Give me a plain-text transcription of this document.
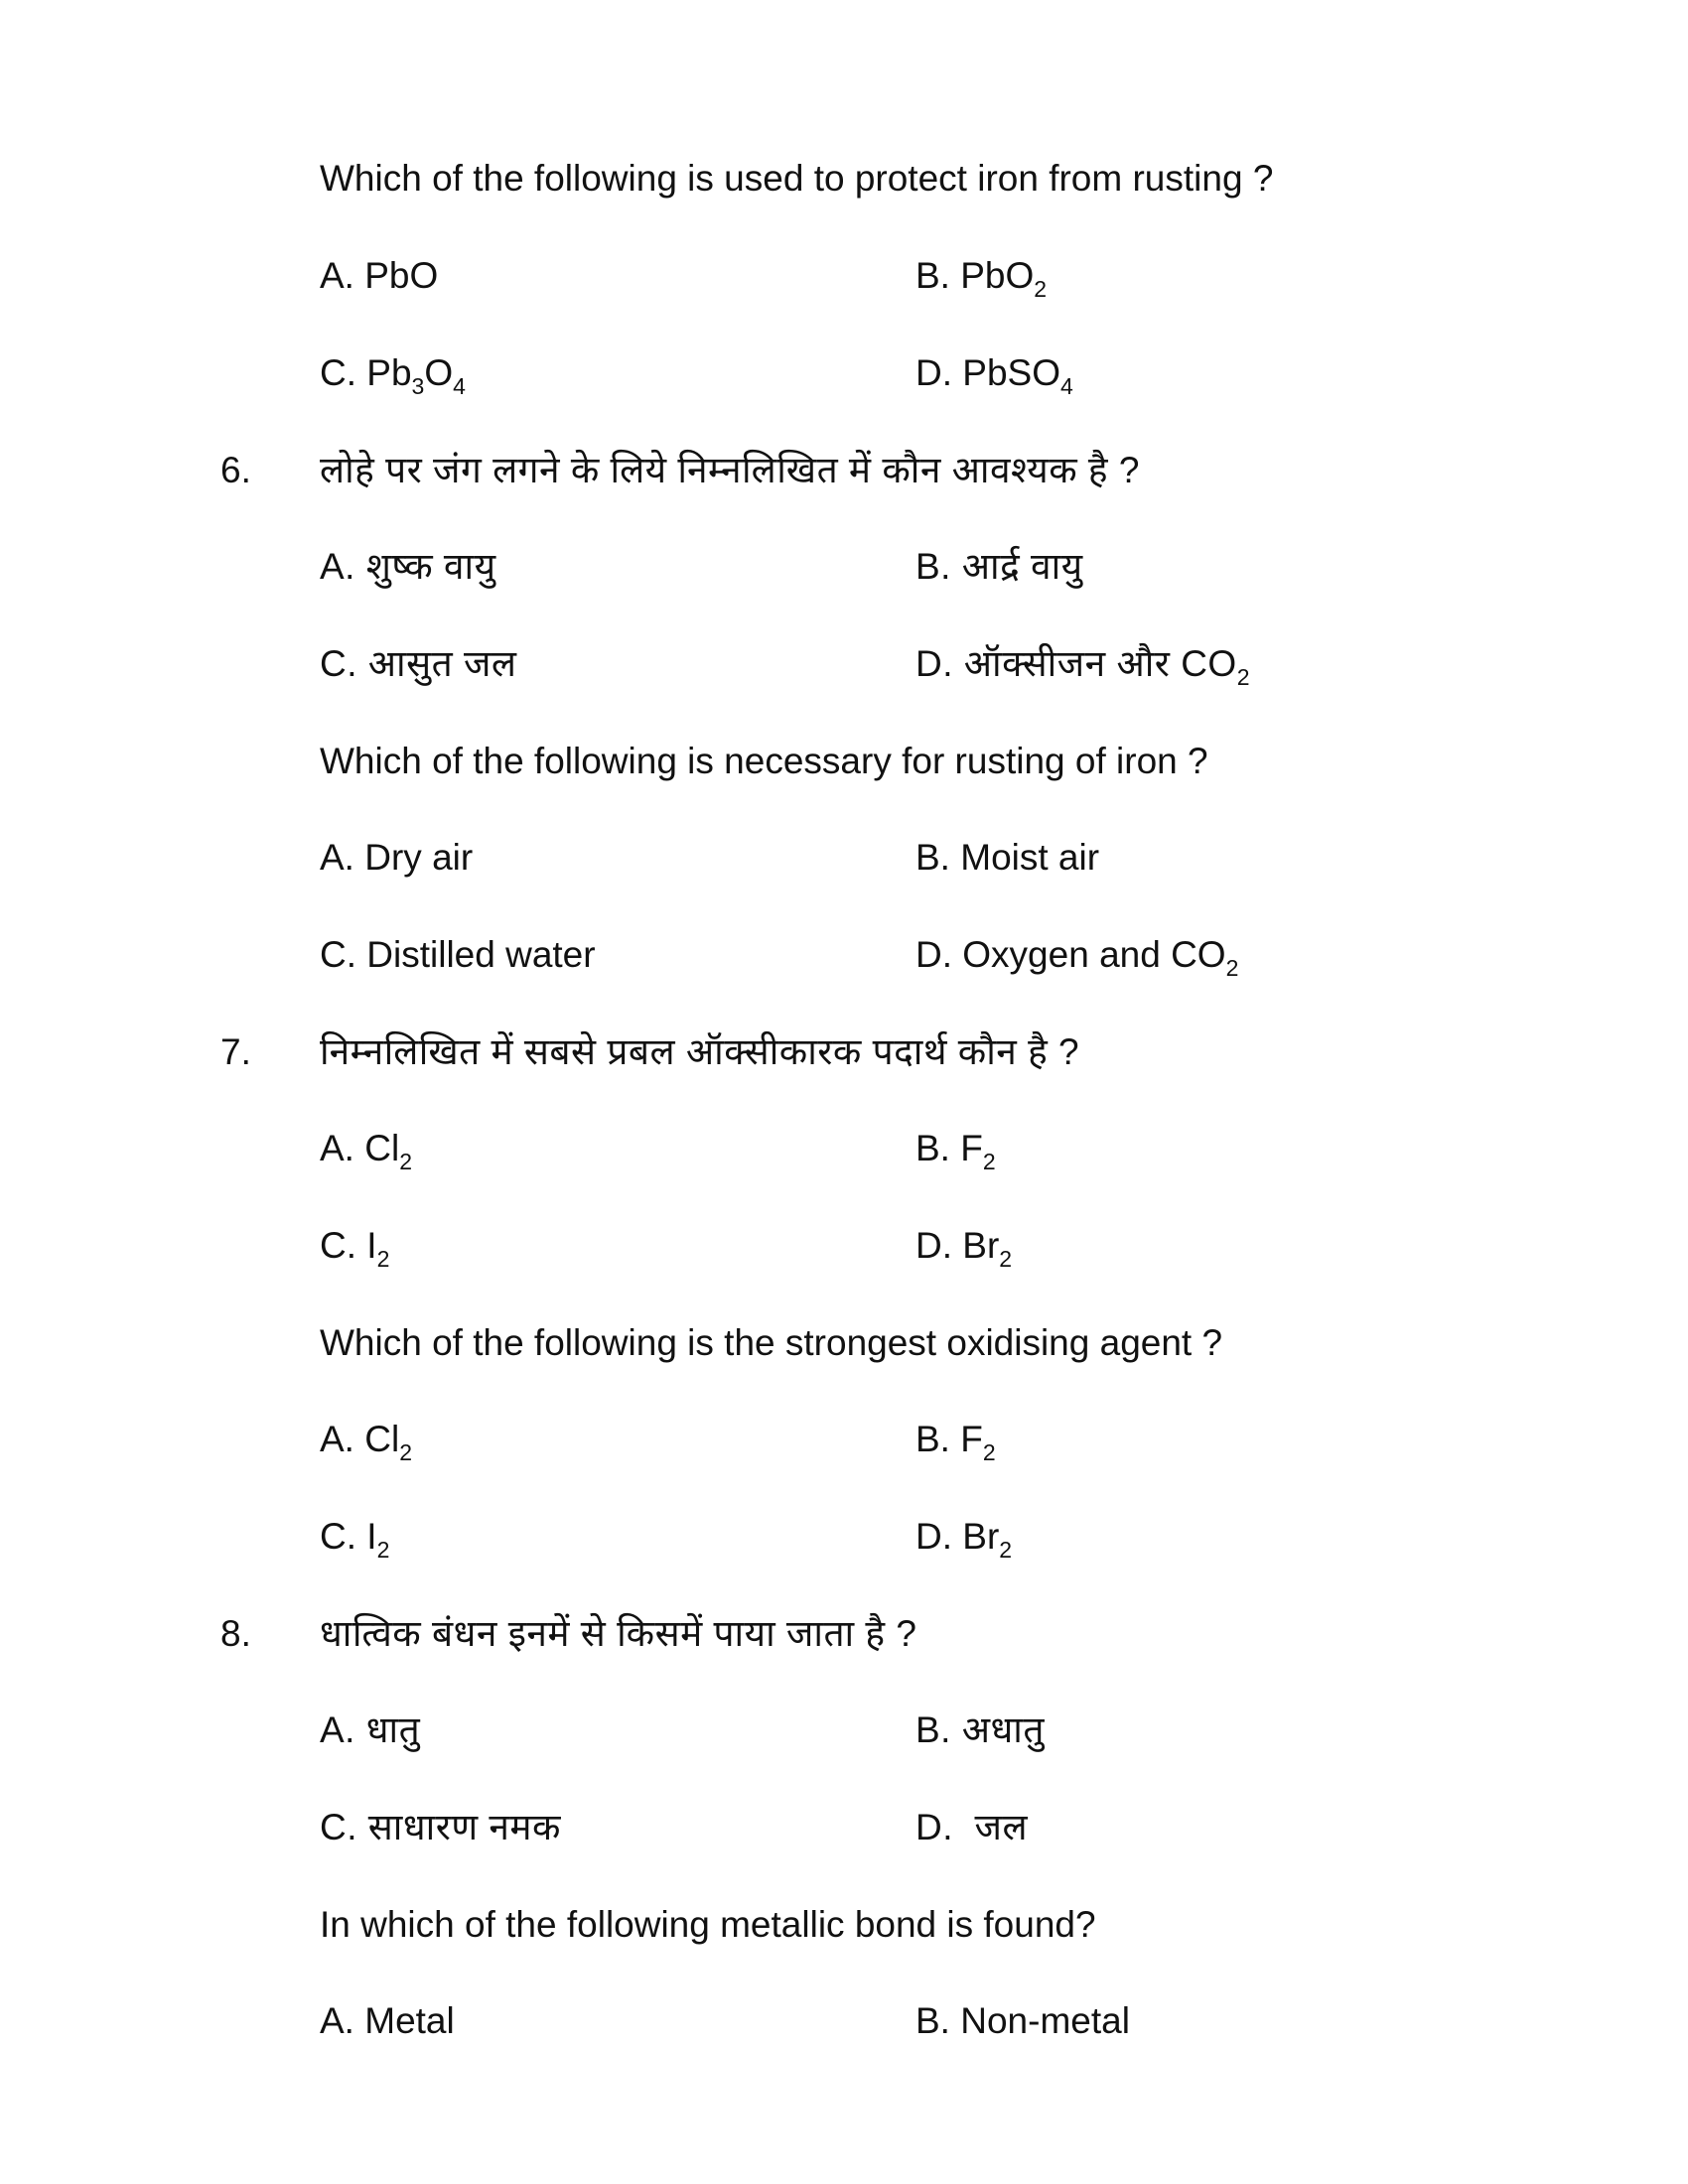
Which of the following is used to protect iron from rusting ?
A. PbO	B. PbO$_2$
C. $Pb_3O_4$	D. PbSO$_4$
6. लोहे पर जंग लगने के लिये निम्नलिखित में कौन आवश्यक है ?
A. शुष्क वायु	B. आर्द्र वायु
C. आसुत जल	D. ऑक्सीजन और $CO_2$
Which of the following is necessary for rusting of iron ?
A. Dry air	B. Moist air
C. Distilled water	D. Oxygen and $CO_2$
7. निम्नलिखित में सबसे प्रबल ऑक्सीकारक पदार्थ कौन है ?
A. $Cl_2$	B. $F_2$
C. $I_2$	D. $Br_2$
Which of the following is the strongest oxidising agent ?
A. $Cl_2$	B. $F_2$
C. $I_2$	D. $Br_2$
8. धात्विक बंधन इनमें से किसमें पाया जाता है ?
A. धातु	B. अधातु
C. साधारण नमक	D.  जल
In which of the following metallic bond is found?
A. Metal	B. Non-metal
